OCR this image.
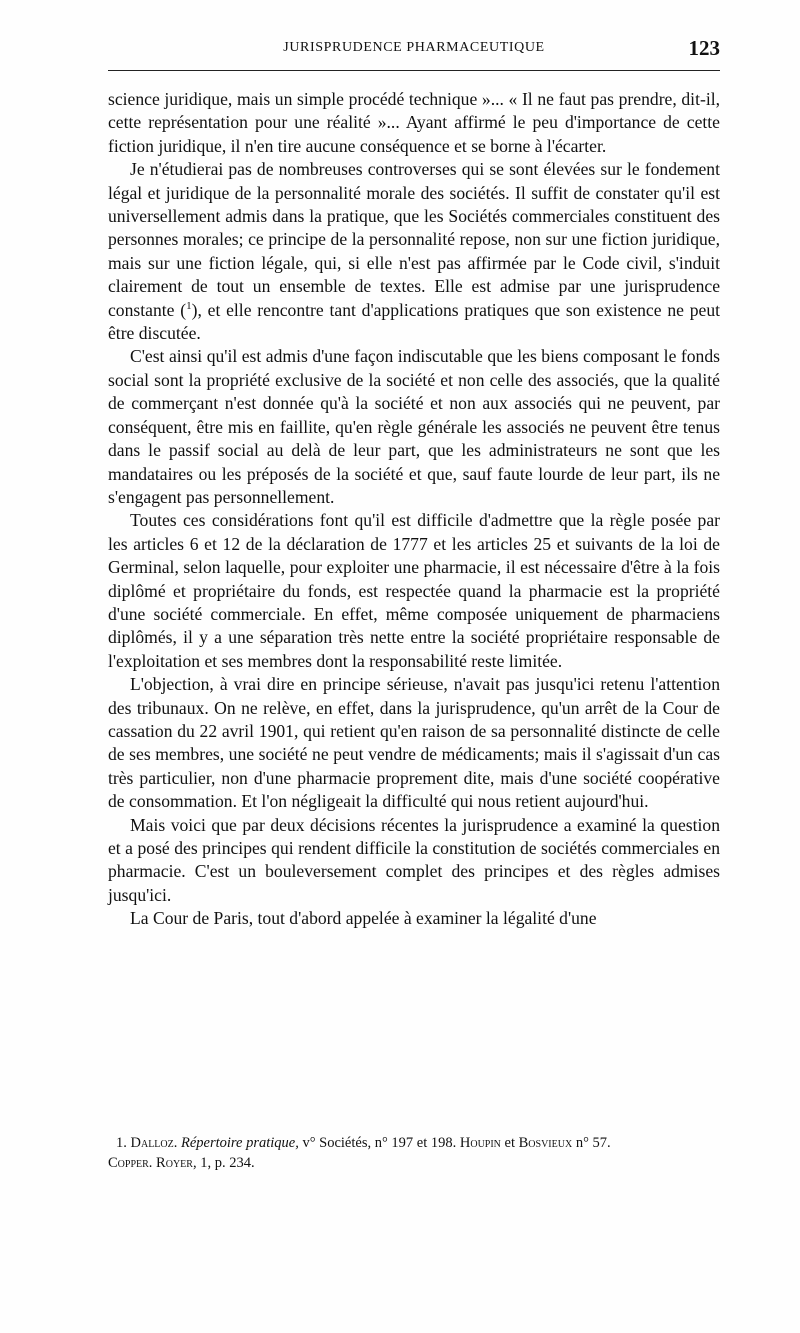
JURISPRUDENCE PHARMACEUTIQUE	123

science juridique, mais un simple procédé technique »... « Il ne faut pas prendre, dit-il, cette représentation pour une réalité »... Ayant affirmé le peu d'importance de cette fiction juridique, il n'en tire aucune conséquence et se borne à l'écarter.

Je n'étudierai pas de nombreuses controverses qui se sont élevées sur le fondement légal et juridique de la personnalité morale des sociétés. Il suffit de constater qu'il est universellement admis dans la pratique, que les Sociétés commerciales constituent des personnes morales; ce principe de la personnalité repose, non sur une fiction juridique, mais sur une fiction légale, qui, si elle n'est pas affirmée par le Code civil, s'induit clairement de tout un ensemble de textes. Elle est admise par une jurisprudence constante ($^1$), et elle rencontre tant d'applications pratiques que son existence ne peut être discutée.

C'est ainsi qu'il est admis d'une façon indiscutable que les biens composant le fonds social sont la propriété exclusive de la société et non celle des associés, que la qualité de commerçant n'est donnée qu'à la société et non aux associés qui ne peuvent, par conséquent, être mis en faillite, qu'en règle générale les associés ne peuvent être tenus dans le passif social au delà de leur part, que les administrateurs ne sont que les mandataires ou les préposés de la société et que, sauf faute lourde de leur part, ils ne s'engagent pas personnellement.

Toutes ces considérations font qu'il est difficile d'admettre que la règle posée par les articles 6 et 12 de la déclaration de 1777 et les articles 25 et suivants de la loi de Germinal, selon laquelle, pour exploiter une pharmacie, il est nécessaire d'être à la fois diplômé et propriétaire du fonds, est respectée quand la pharmacie est la propriété d'une société commerciale. En effet, même composée uniquement de pharmaciens diplômés, il y a une séparation très nette entre la société propriétaire responsable de l'exploitation et ses membres dont la responsabilité reste limitée.

L'objection, à vrai dire en principe sérieuse, n'avait pas jusqu'ici retenu l'attention des tribunaux. On ne relève, en effet, dans la jurisprudence, qu'un arrêt de la Cour de cassation du 22 avril 1901, qui retient qu'en raison de sa personnalité distincte de celle de ses membres, une société ne peut vendre de médicaments; mais il s'agissait d'un cas très particulier, non d'une pharmacie proprement dite, mais d'une société coopérative de consommation. Et l'on négligeait la difficulté qui nous retient aujourd'hui.

Mais voici que par deux décisions récentes la jurisprudence a examiné la question et a posé des principes qui rendent difficile la constitution de sociétés commerciales en pharmacie. C'est un bouleversement complet des principes et des règles admises jusqu'ici.

La Cour de Paris, tout d'abord appelée à examiner la légalité d'une

1. Dalloz. Répertoire pratique, v° Sociétés, n° 197 et 198. Houpin et Bosvieux n° 57.
Copper. Royer, 1, p. 234.
